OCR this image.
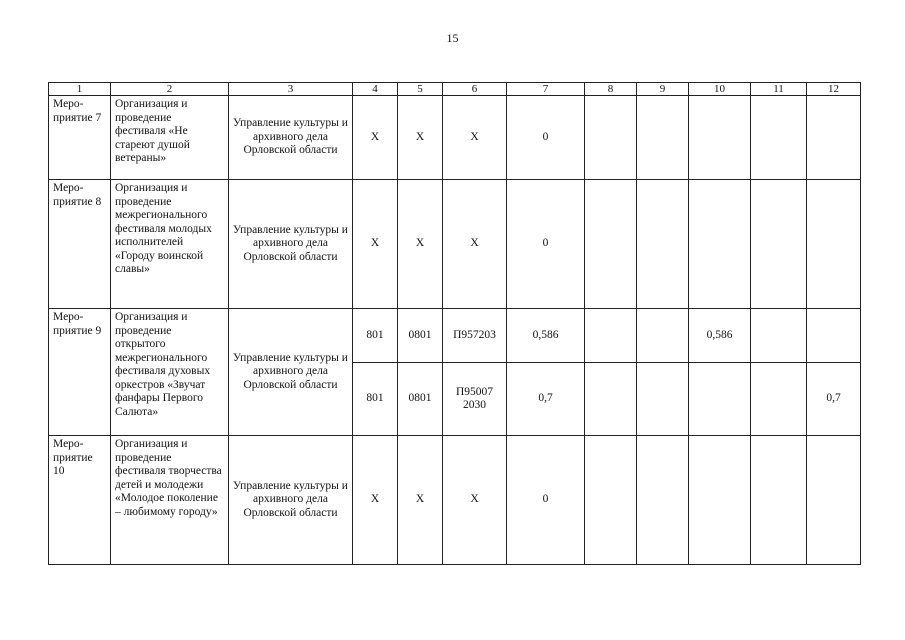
15
1	2	3	4	5	6	7	8	9	10	11	12
Меро-приятие 7	Организация и проведение фестиваля «Не стареют душой ветераны»	Управление культуры и архивного дела Орловской области	Х	Х	Х	0					
Меро-приятие 8	Организация и проведение межрегионального фестиваля молодых исполнителей «Городу воинской славы»	Управление культуры и архивного дела Орловской области	Х	Х	Х	0					
Меро-приятие 9	Организация и проведение открытого межрегионального фестиваля духовых оркестров «Звучат фанфары Первого Салюта»	Управление культуры и архивного дела Орловской области	801	0801	П957203	0,586			0,586		
			801	0801	П95007 2030	0,7					0,7
Меро-приятие 10	Организация и проведение фестиваля творчества детей и молодежи «Молодое поколение – любимому городу»	Управление культуры и архивного дела Орловской области	Х	Х	Х	0					
